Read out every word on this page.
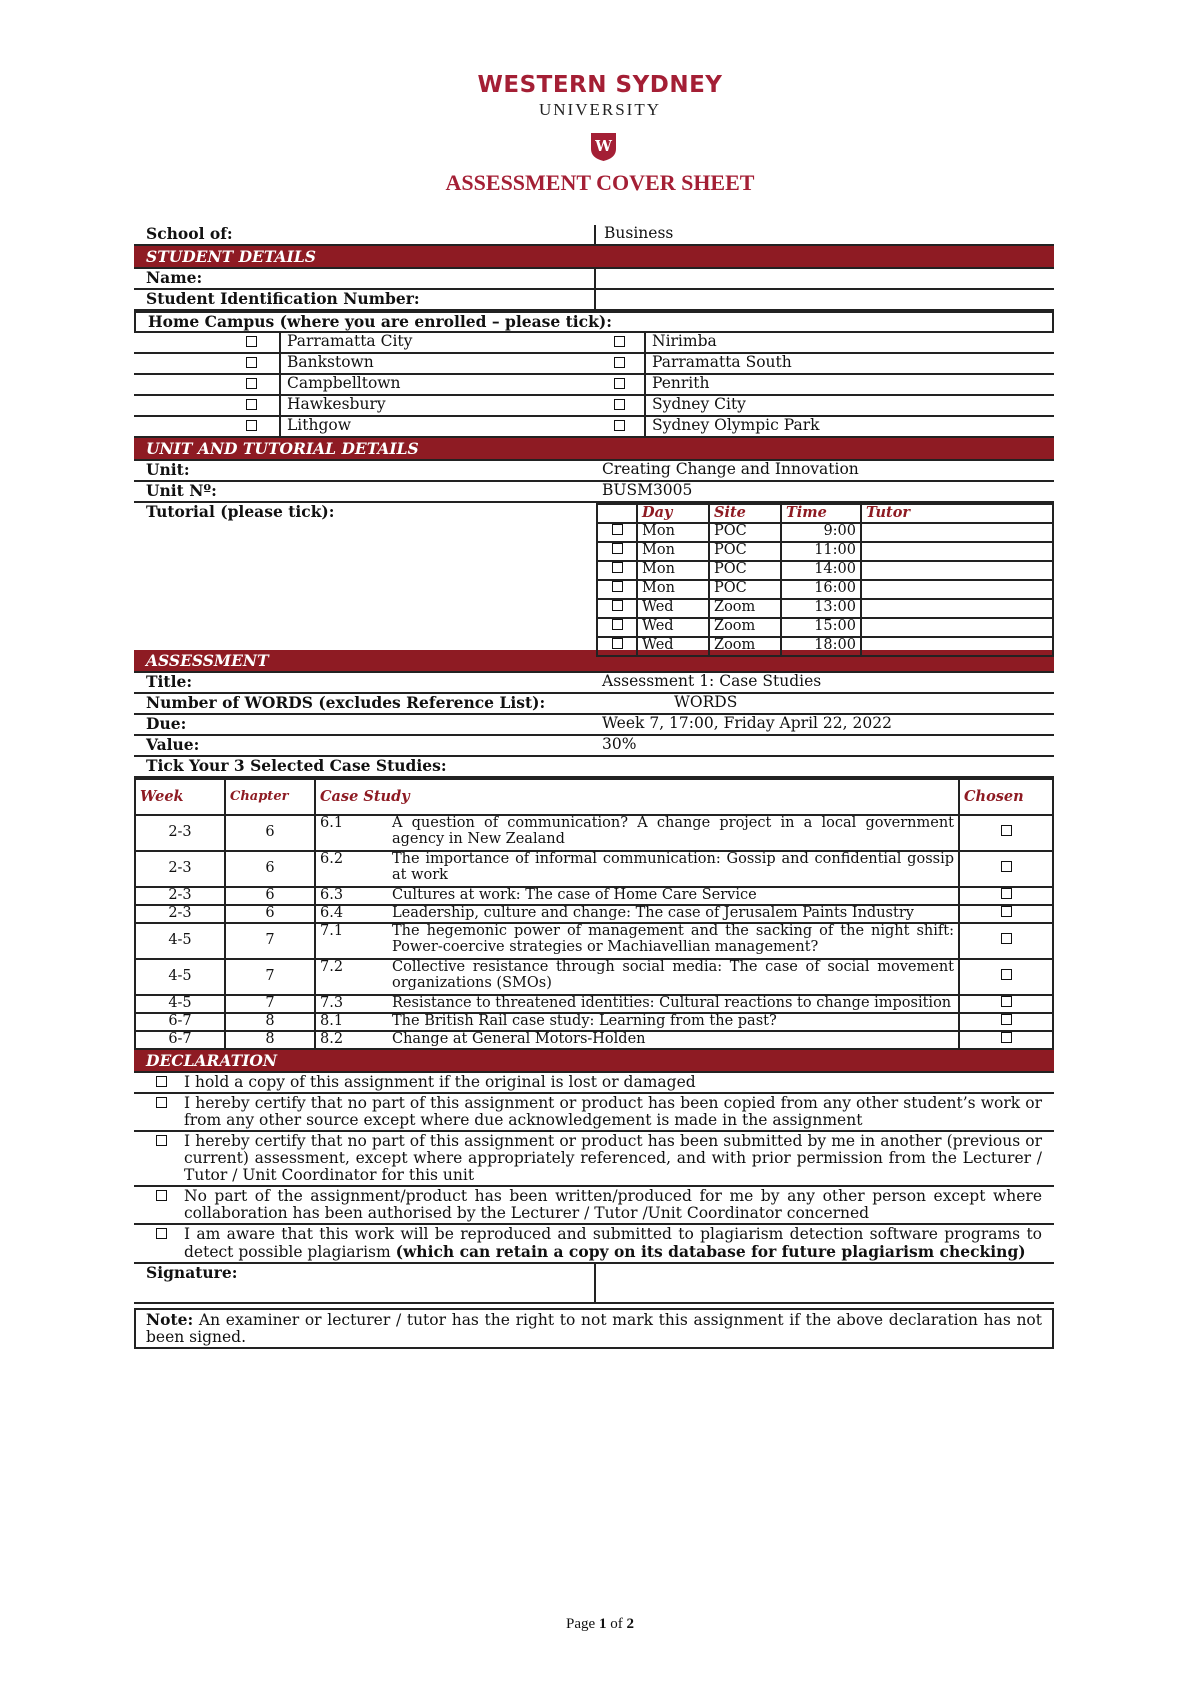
WESTERN SYDNEY
UNIVERSITY
W
ASSESSMENT COVER SHEET
School of:	Business
STUDENT DETAILS
Name:
Student Identification Number:
Home Campus (where you are enrolled – please tick):
Parramatta City	Nirimba
Bankstown	Parramatta South
Campbelltown	Penrith
Hawkesbury	Sydney City
Lithgow	Sydney Olympic Park
UNIT AND TUTORIAL DETAILS
Unit:	Creating Change and Innovation
Unit Nº:	BUSM3005
Tutorial (please tick):
		Day	Site	Time	Tutor
	Mon	POC	9:00	
	Mon	POC	11:00	
	Mon	POC	14:00	
	Mon	POC	16:00	
	Wed	Zoom	13:00	
	Wed	Zoom	15:00	
	Wed	Zoom	18:00	
ASSESSMENT
Title:	Assessment 1: Case Studies
Number of WORDS (excludes Reference List):	WORDS
Due:	Week 7, 17:00, Friday April 22, 2022
Value:	30%
Tick Your 3 Selected Case Studies:
Week	Chapter	Case Study	Chosen
2-3	6	6.1 A question of communication? A change project in a local government agency in New Zealand	

2-3	6	6.2 The importance of informal communication: Gossip and confidential gossip at work	

2-3	6	6.3 Cultures at work: The case of Home Care Service	

2-3	6	6.4 Leadership, culture and change: The case of Jerusalem Paints Industry	

4-5	7	7.1 The hegemonic power of management and the sacking of the night shift: Power-coercive strategies or Machiavellian management?	

4-5	7	7.2 Collective resistance through social media: The case of social movement organizations (SMOs)	

4-5	7	7.3 Resistance to threatened identities: Cultural reactions to change imposition	

6-7	8	8.1 The British Rail case study: Learning from the past?	

6-7	8	8.2 Change at General Motors-Holden	

DECLARATION
I hold a copy of this assignment if the original is lost or damaged
I hereby certify that no part of this assignment or product has been copied from any other student’s work or from any other source except where due acknowledgement is made in the assignment
I hereby certify that no part of this assignment or product has been submitted by me in another (previous or current) assessment, except where appropriately referenced, and with prior permission from the Lecturer / Tutor / Unit Coordinator for this unit
No part of the assignment/product has been written/produced for me by any other person except where collaboration has been authorised by the Lecturer / Tutor /Unit Coordinator concerned
I am aware that this work will be reproduced and submitted to plagiarism detection software programs to detect possible plagiarism (which can retain a copy on its database for future plagiarism checking)
Signature:
Note: An examiner or lecturer / tutor has the right to not mark this assignment if the above declaration has not been signed.
Page 1 of 2
